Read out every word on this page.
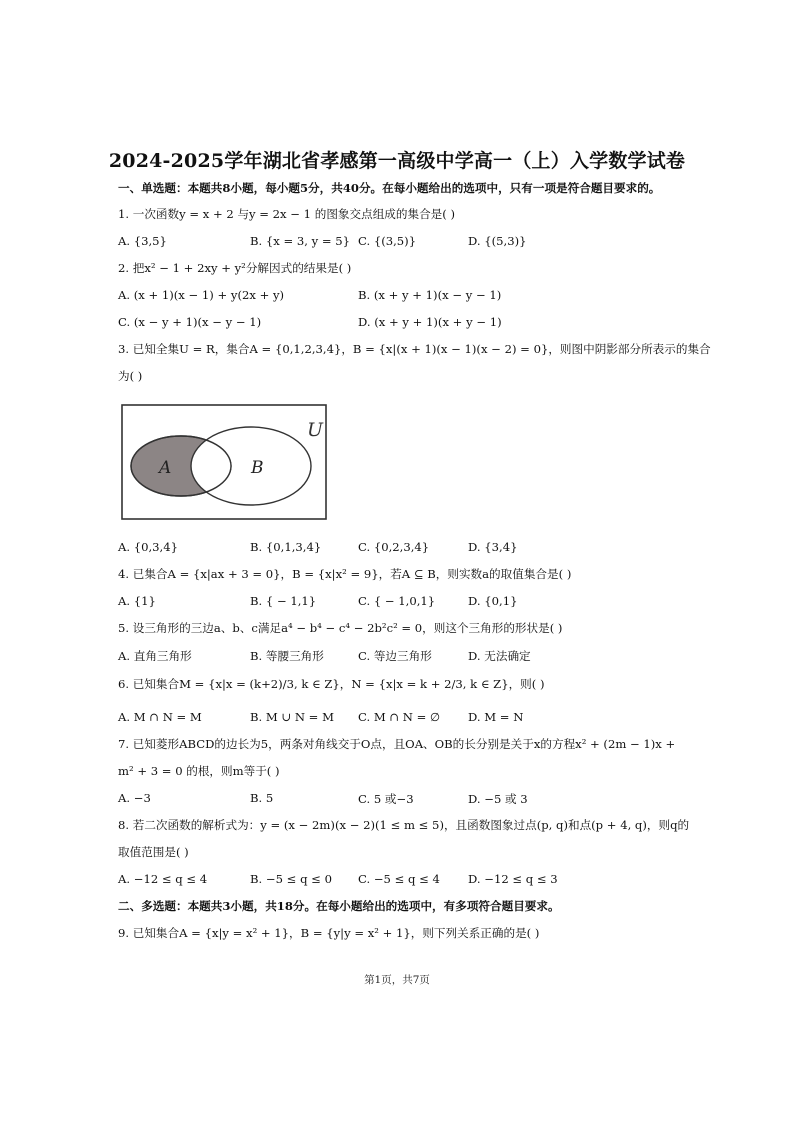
2024-2025学年湖北省孝感第一高级中学高一（上）入学数学试卷
一、单选题：本题共8小题，每小题5分，共40分。在每小题给出的选项中，只有一项是符合题目要求的。
1. 一次函数y = x + 2 与y = 2x − 1 的图象交点组成的集合是( )
A. {3,5}	B. {x = 3, y = 5} C. {(3,5)}	D. {(5,3)}
2. 把x² − 1 + 2xy + y²分解因式的结果是( )
A. (x + 1)(x − 1) + y(2x + y)	B. (x + y + 1)(x − y − 1)
C. (x − y + 1)(x − y − 1)	D. (x + y + 1)(x + y − 1)
3. 已知全集U = R，集合A = {0,1,2,3,4}，B = {x|(x + 1)(x − 1)(x − 2) = 0}，则图中阴影部分所表示的集合
为( )
U
A	B
A. {0,3,4}	B. {0,1,3,4}	C. {0,2,3,4}	D. {3,4}
4. 已集合A = {x|ax + 3 = 0}，B = {x|x² = 9}，若A ⊆ B，则实数a的取值集合是( )
A. {1}	B. { − 1,1}	C. { − 1,0,1}	D. {0,1}
5. 设三角形的三边a、b、c满足a⁴ − b⁴ − c⁴ − 2b²c² = 0，则这个三角形的形状是( )
A. 直角三角形	B. 等腰三角形	C. 等边三角形	D. 无法确定
6. 已知集合M = {x|x = (k+2)/3, k ∈ Z}，N = {x|x = k + 2/3, k ∈ Z}，则( )
A. M ∩ N = M	B. M ∪ N = M C. M ∩ N = ∅ D. M = N
7. 已知菱形ABCD的边长为5，两条对角线交于O点，且OA、OB的长分别是关于x的方程x² + (2m − 1)x +
m² + 3 = 0 的根，则m等于( )
A. −3	B. 5	C. 5 或−3	D. −5 或 3
8. 若二次函数的解析式为：y = (x − 2m)(x − 2)(1 ≤ m ≤ 5)，且函数图象过点(p, q)和点(p + 4, q)，则q的
取值范围是( )
A. −12 ≤ q ≤ 4	B. −5 ≤ q ≤ 0 C. −5 ≤ q ≤ 4 D. −12 ≤ q ≤ 3
二、多选题：本题共3小题，共18分。在每小题给出的选项中，有多项符合题目要求。
9. 已知集合A = {x|y = x² + 1}，B = {y|y = x² + 1}，则下列关系正确的是( )
第1页，共7页
